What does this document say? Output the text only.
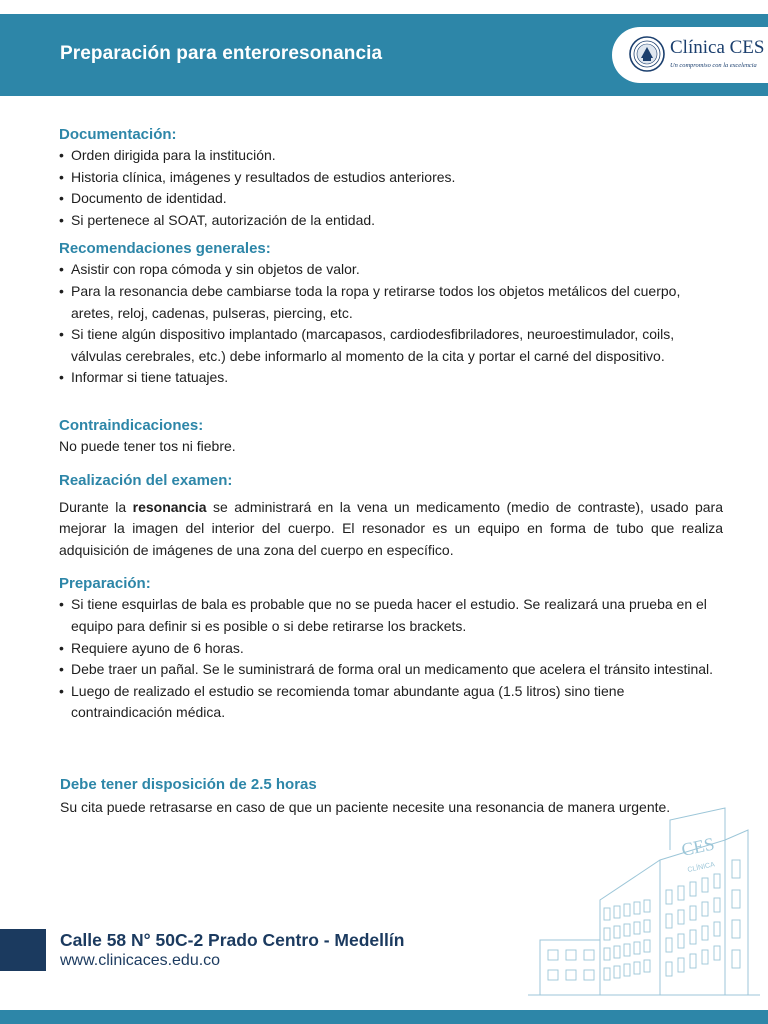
Preparación para enteroresonancia	Clínica CES
Un compromiso con la excelencia
Documentación:
• Orden dirigida para la institución.
• Historia clínica, imágenes y resultados de estudios anteriores.
• Documento de identidad.
• Si pertenece al SOAT, autorización de la entidad.
Recomendaciones generales:
• Asistir con ropa cómoda y sin objetos de valor.
• Para la resonancia debe cambiarse toda la ropa y retirarse todos los objetos metálicos del cuerpo, aretes, reloj, cadenas, pulseras, piercing, etc.
• Si tiene algún dispositivo implantado (marcapasos, cardiodesfibriladores, neuroestimulador, coils, válvulas cerebrales, etc.) debe informarlo al momento de la cita y portar el carné del dispositivo.
• Informar si tiene tatuajes.
Contraindicaciones:

No puede tener tos ni fiebre.

Realización del examen:

Durante la resonancia se administrará en la vena un medicamento (medio de contraste), usado para mejorar la imagen del interior del cuerpo. El resonador es un equipo en forma de tubo que realiza adquisición de imágenes de una zona del cuerpo en específico.

Preparación:
• Si tiene esquirlas de bala es probable que no se pueda hacer el estudio. Se realizará una prueba en el equipo para definir si es posible o si debe retirarse los brackets.
• Requiere ayuno de 6 horas.
• Debe traer un pañal. Se le suministrará de forma oral un medicamento que acelera el tránsito intestinal.
• Luego de realizado el estudio se recomienda tomar abundante agua (1.5 litros) sino tiene contraindicación médica.
Debe tener disposición de 2.5 horas

Su cita puede retrasarse en caso de que un paciente necesite una resonancia de manera urgente.

CES
CLÍNICA
Calle 58 N° 50C-2 Prado Centro - Medellín
www.clinicaces.edu.co
